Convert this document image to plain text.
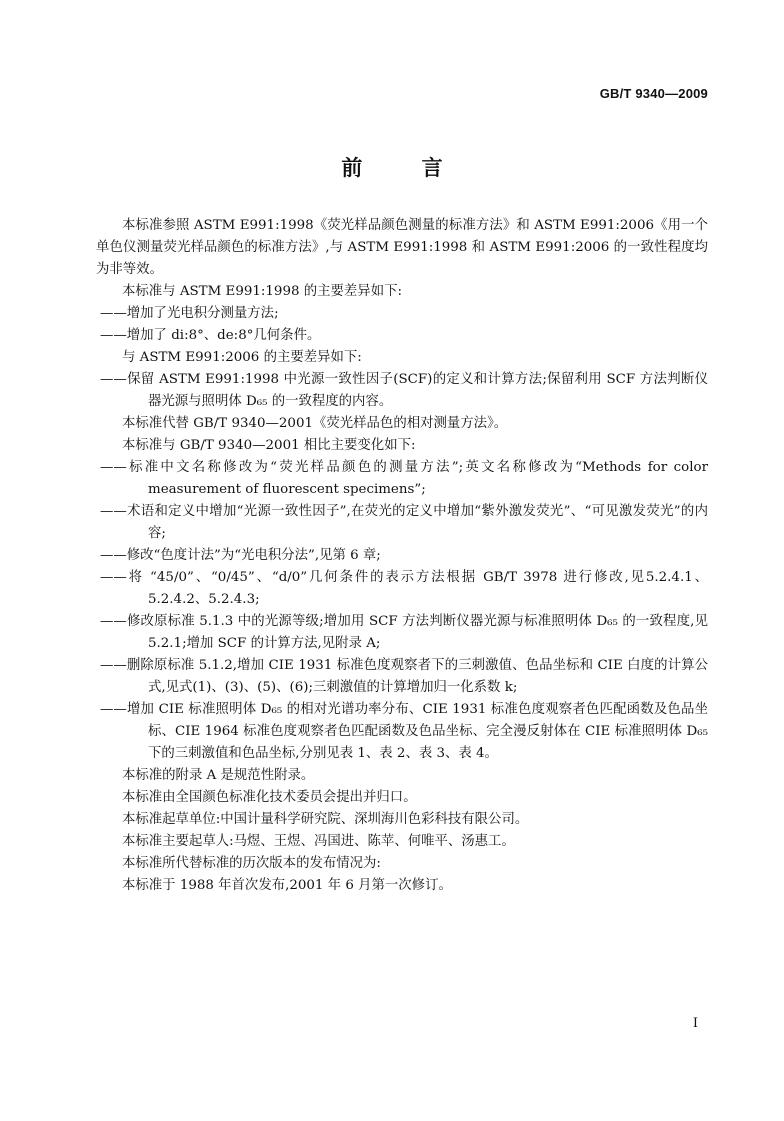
GB/T 9340—2009
前 言

本标准参照 ASTM E991:1998《荧光样品颜色测量的标准方法》和 ASTM E991:2006《用一个单色仪测量荧光样品颜色的标准方法》,与 ASTM E991:1998 和 ASTM E991:2006 的一致性程度均为非等效。

本标准与 ASTM E991:1998 的主要差异如下:

——增加了光电积分测量方法;

——增加了 di:8°、de:8°几何条件。

与 ASTM E991:2006 的主要差异如下:

——保留 ASTM E991:1998 中光源一致性因子(SCF)的定义和计算方法;保留利用 SCF 方法判断仪器光源与照明体 D₆₅ 的一致程度的内容。

本标准代替 GB/T 9340—2001《荧光样品色的相对测量方法》。

本标准与 GB/T 9340—2001 相比主要变化如下:

——标准中文名称修改为“荧光样品颜色的测量方法”;英文名称修改为“Methods for color measurement of fluorescent specimens”;

——术语和定义中增加“光源一致性因子”,在荧光的定义中增加“紫外激发荧光”、“可见激发荧光”的内容;

——修改“色度计法”为“光电积分法”,见第 6 章;

——将 “45/0”、“0/45”、“d/0”几何条件的表示方法根据 GB/T 3978 进行修改,见5.2.4.1、5.2.4.2、5.2.4.3;

——修改原标准 5.1.3 中的光源等级;增加用 SCF 方法判断仪器光源与标准照明体 D₆₅ 的一致程度,见 5.2.1;增加 SCF 的计算方法,见附录 A;

——删除原标准 5.1.2,增加 CIE 1931 标准色度观察者下的三刺激值、色品坐标和 CIE 白度的计算公式,见式(1)、(3)、(5)、(6);三刺激值的计算增加归一化系数 k;

——增加 CIE 标准照明体 D₆₅ 的相对光谱功率分布、CIE 1931 标准色度观察者色匹配函数及色品坐标、CIE 1964 标准色度观察者色匹配函数及色品坐标、完全漫反射体在 CIE 标准照明体 D₆₅ 下的三刺激值和色品坐标,分别见表 1、表 2、表 3、表 4。

本标准的附录 A 是规范性附录。

本标准由全国颜色标准化技术委员会提出并归口。

本标准起草单位:中国计量科学研究院、深圳海川色彩科技有限公司。

本标准主要起草人:马煜、王煜、冯国进、陈苹、何唯平、汤惠工。

本标准所代替标准的历次版本的发布情况为:

本标准于 1988 年首次发布,2001 年 6 月第一次修订。

I
